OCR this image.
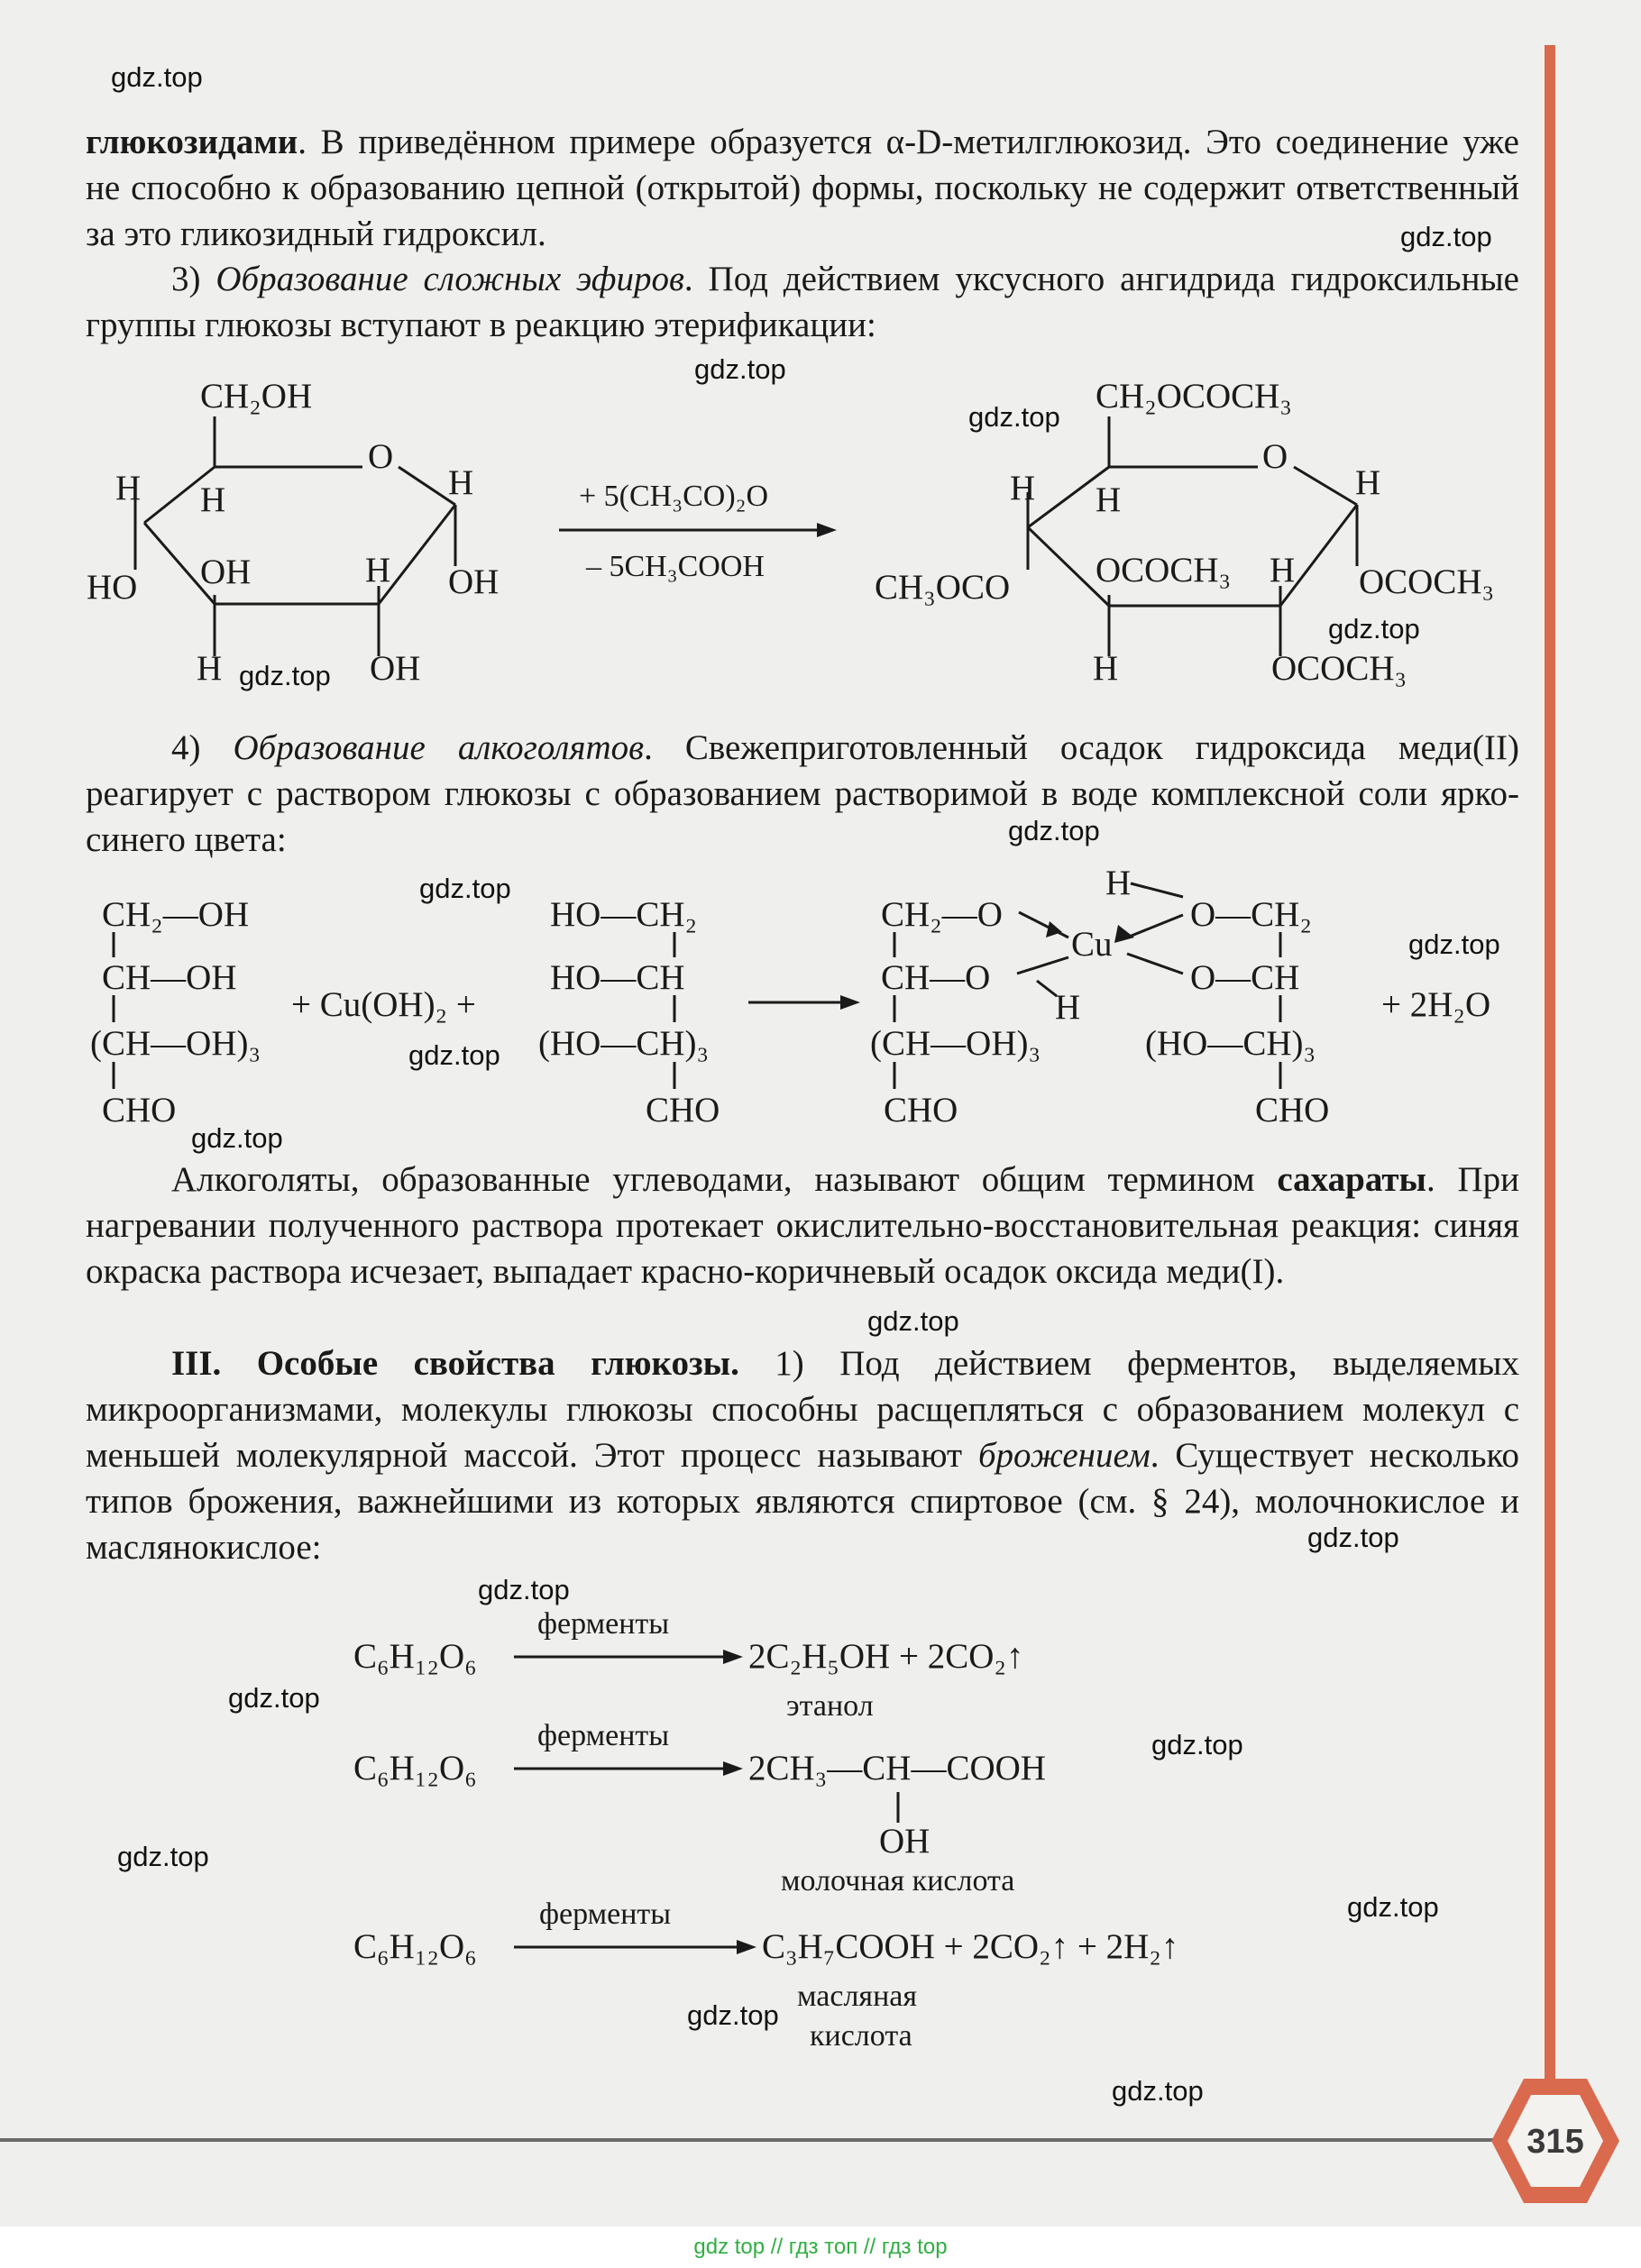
глюкозидами. В приведённом примере образуется α-D-метилглюкозид. Это соединение уже не способно к образованию цепной (открытой) формы, поскольку не содержит ответственный за это гликозидный гидроксил.
3) Образование сложных эфиров. Под действием уксусного ангидрида гидроксильные группы глюкозы вступают в реакцию этерификации:
CH₂OH
O
H H	H
HO OH	H OH
H	OH
+ 5(CH₃CO)₂O
– 5CH₃COOH
CH₂OCOCH₃
O
H H	H
CH₃OCO OCOCH₃ H OCOCH₃
H	OCOCH₃
4) Образование алкоголятов. Свежеприготовленный осадок гидроксида меди(II) реагирует с раствором глюкозы с образованием растворимой в воде комплексной соли ярко-синего цвета:
CH₂—OH
CH—OH
(CH—OH)₃
CHO
+ Cu(OH)₂ +
HO—CH₂
HO—CH
(HO—CH)₃
CHO
CH₂—O
CH—O
(CH—OH)₃
CHO
Cu
H
H
O—CH₂
O—CH
(HO—CH)₃
CHO
+ 2H₂O
Алкоголяты, образованные углеводами, называют общим термином сахараты. При нагревании полученного раствора протекает окислительно-восстановительная реакция: синяя окраска раствора исчезает, выпадает красно-коричневый осадок оксида меди(I).
III. Особые свойства глюкозы. 1) Под действием ферментов, выделяемых микроорганизмами, молекулы глюкозы способны расщепляться с образованием молекул с меньшей молекулярной массой. Этот процесс называют брожением. Существует несколько типов брожения, важнейшими из которых являются спиртовое (см. § 24), молочнокислое и маслянокислое:
C₆H₁₂O₆
ферменты
2C₂H₅OH + 2CO₂↑
этанол
C₆H₁₂O₆
ферменты
2CH₃—CH—COOH
OH
молочная кислота
C₆H₁₂O₆
ферменты
C₃H₇COOH + 2CO₂↑ + 2H₂↑
масляная
кислота
gdz.top
gdz.top
gdz.top
gdz.top
gdz.top
gdz.top
gdz.top
gdz.top
gdz.top
gdz.top
gdz.top
gdz.top
gdz.top
gdz.top
gdz.top
gdz.top
gdz.top
gdz.top
gdz.top
gdz.top
315
gdz top // гдз топ // гдз top
